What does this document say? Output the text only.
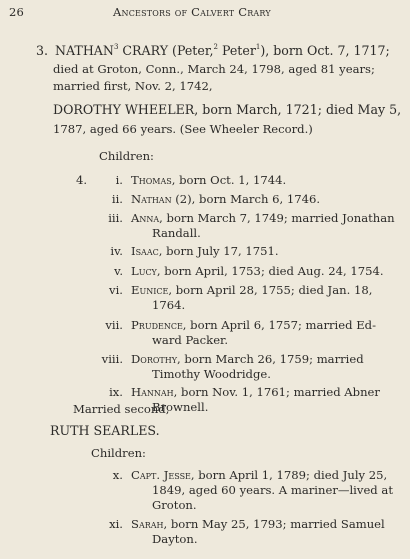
26	Ancestors of Calvert Crary
3. NATHAN$^3$ CRARY (Peter,$^2$ Peter$^1$), born Oct. 7, 1717;
died at Groton, Conn., March 24, 1798, aged 81 years;
married first, Nov. 2, 1742,
DOROTHY WHEELER, born March, 1721; died May 5,
1787, aged 66 years. (See Wheeler Record.)
Children:
4.	i. Thomas, born Oct. 1, 1744.
ii. Nathan (2), born March 6, 1746.
iii. Anna, born March 7, 1749; married Jonathan
Randall.
iv. Isaac, born July 17, 1751.
v. Lucy, born April, 1753; died Aug. 24, 1754.
vi. Eunice, born April 28, 1755; died Jan. 18,
1764.
vii. Prudence, born April 6, 1757; married Ed-
ward Packer.
viii. Dorothy, born March 26, 1759; married
Timothy Woodridge.
ix. Hannah, born Nov. 1, 1761; married Abner
Brownell.
Married second,
RUTH SEARLES.
Children:
x. Capt. Jesse, born April 1, 1789; died July 25,
1849, aged 60 years. A mariner—lived at
Groton.
xi. Sarah, born May 25, 1793; married Samuel
Dayton.
